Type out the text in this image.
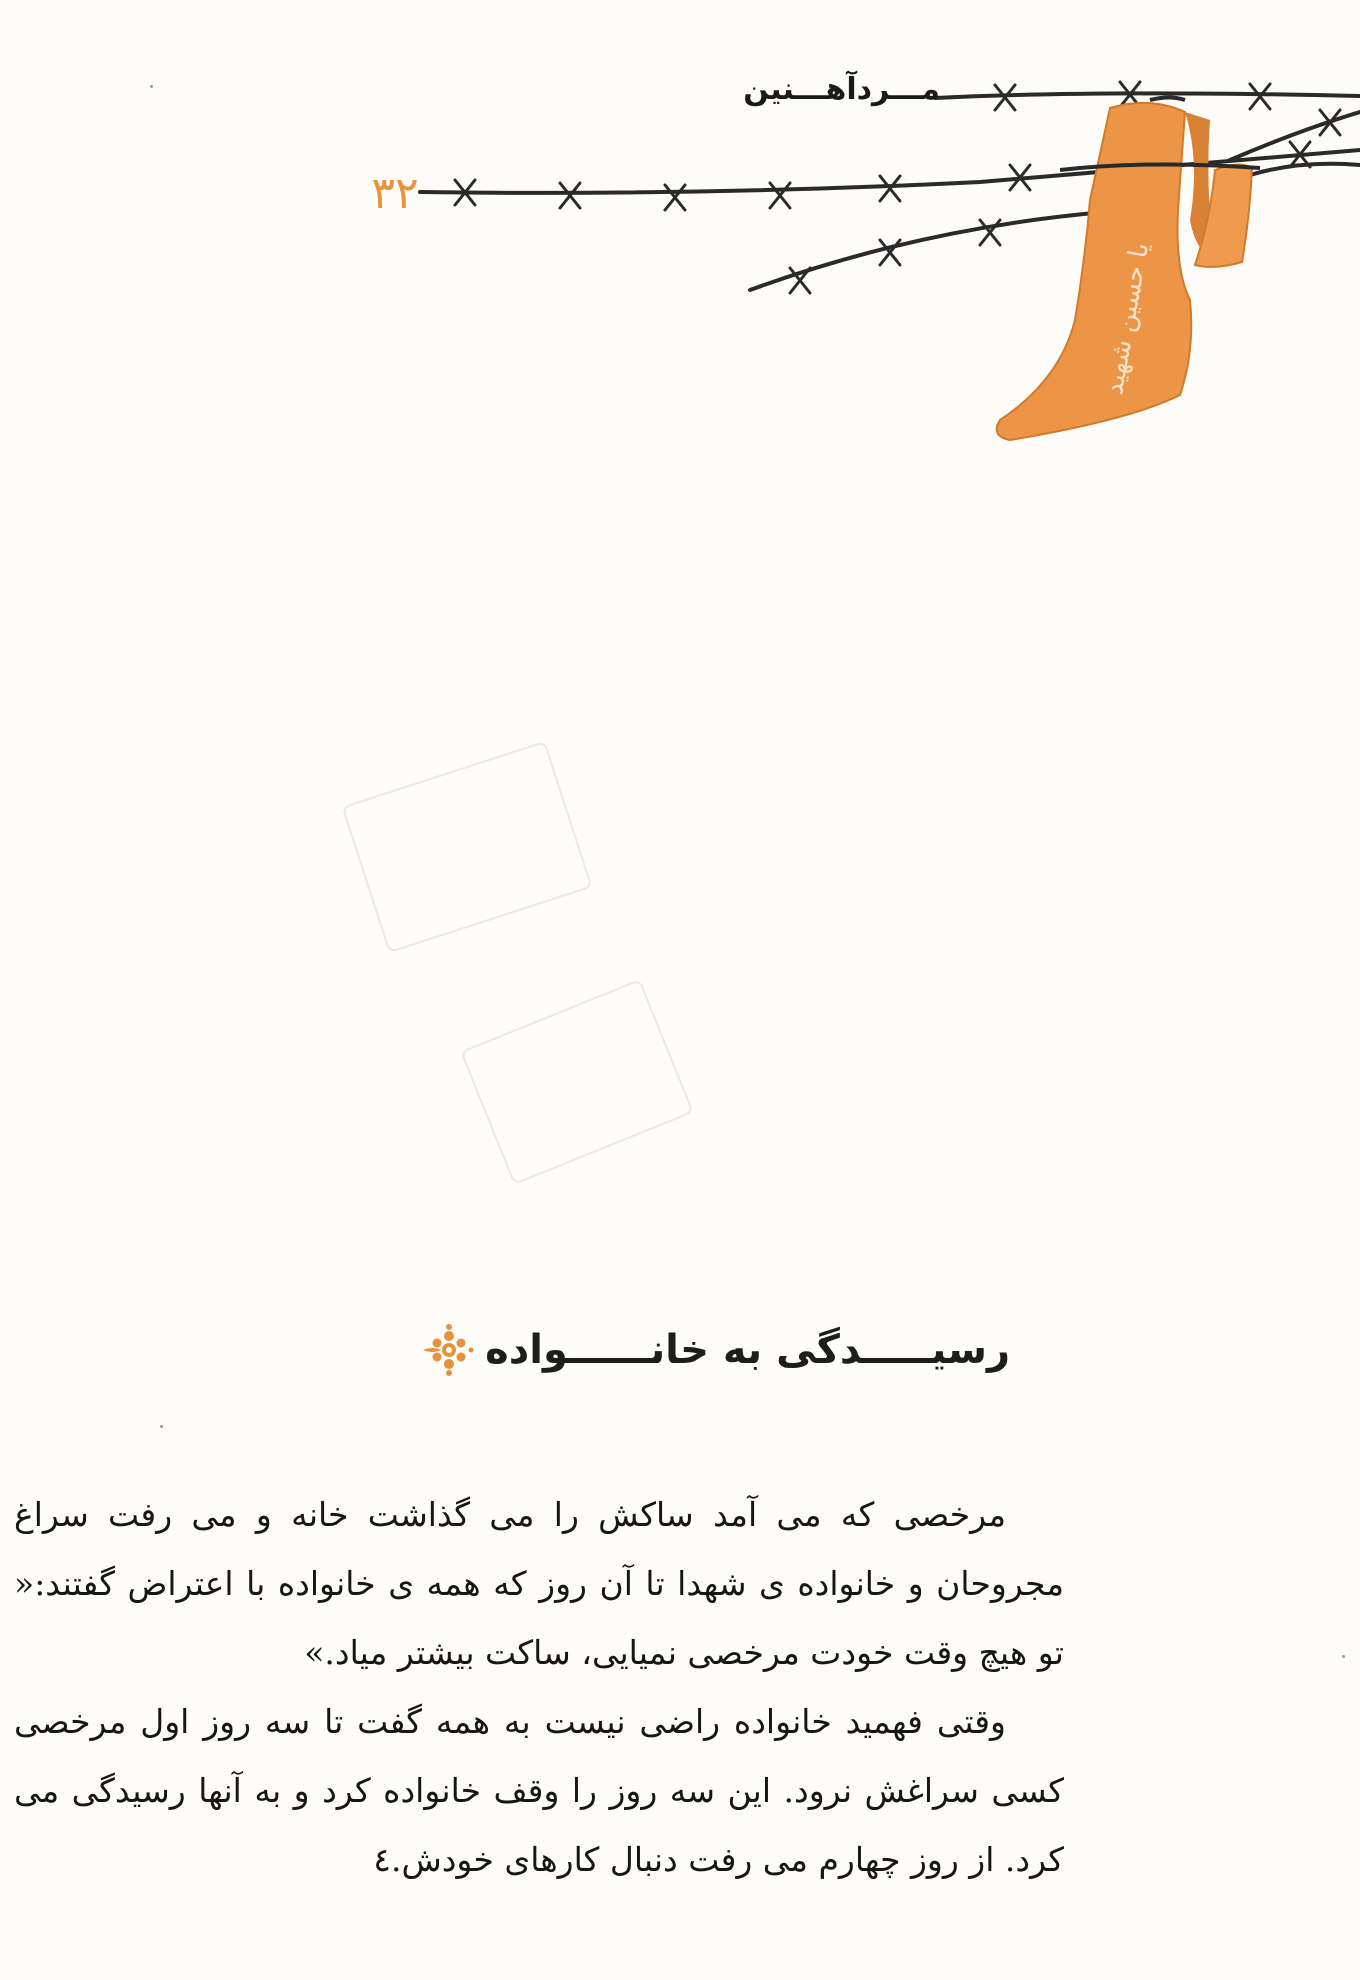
یا حسین شهید
مـــردآهـــنین
۳۲
رسیـــــدگی به خانــــــواده

مرخصی که می آمد ساکش را می گذاشت خانه و می رفت سراغ مجروحان و خانواده ی شهدا تا آن روز که همه ی خانواده با اعتراض گفتند:« تو هیچ وقت خودت مرخصی نمیایی، ساکت بیشتر میاد.»

وقتی فهمید خانواده راضی نیست به همه گفت تا سه روز اول مرخصی کسی سراغش نرود. این سه روز را وقف خانواده کرد و به آنها رسیدگی می کرد. از روز چهارم می رفت دنبال کارهای خودش.٤
